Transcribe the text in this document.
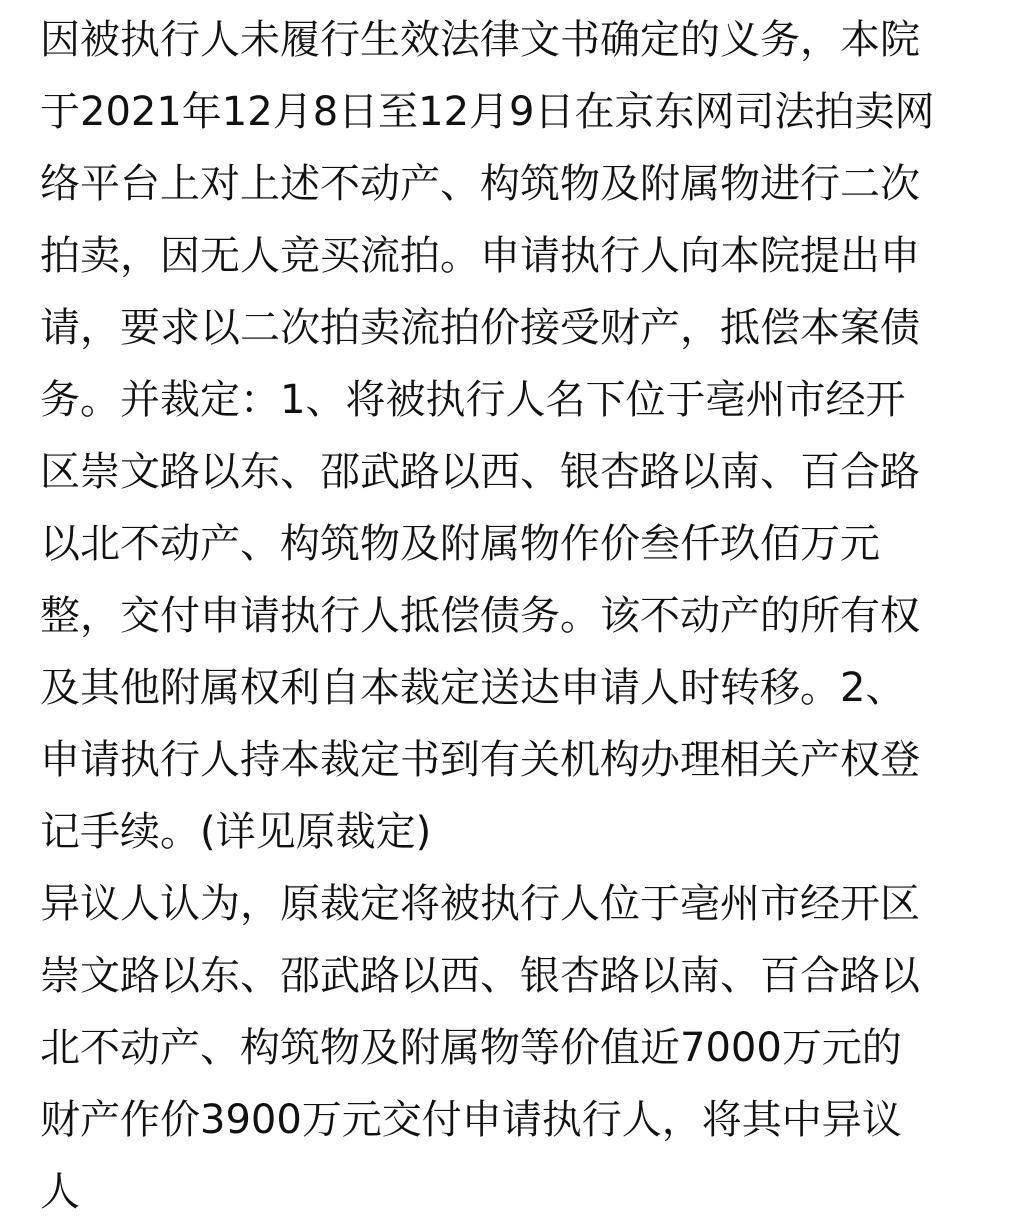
因被执行人未履行生效法律文书确定的义务，本院
于2021年12月8日至12月9日在京东网司法拍卖网
络平台上对上述不动产、构筑物及附属物进行二次
拍卖，因无人竞买流拍。申请执行人向本院提出申
请，要求以二次拍卖流拍价接受财产，抵偿本案债
务。并裁定：1、将被执行人名下位于亳州市经开
区崇文路以东、邵武路以西、银杏路以南、百合路
以北不动产、构筑物及附属物作价叁仟玖佰万元
整，交付申请执行人抵偿债务。该不动产的所有权
及其他附属权利自本裁定送达申请人时转移。2、
申请执行人持本裁定书到有关机构办理相关产权登
记手续。(详见原裁定)
异议人认为，原裁定将被执行人位于亳州市经开区
崇文路以东、邵武路以西、银杏路以南、百合路以
北不动产、构筑物及附属物等价值近7000万元的
财产作价3900万元交付申请执行人，将其中异议
人
